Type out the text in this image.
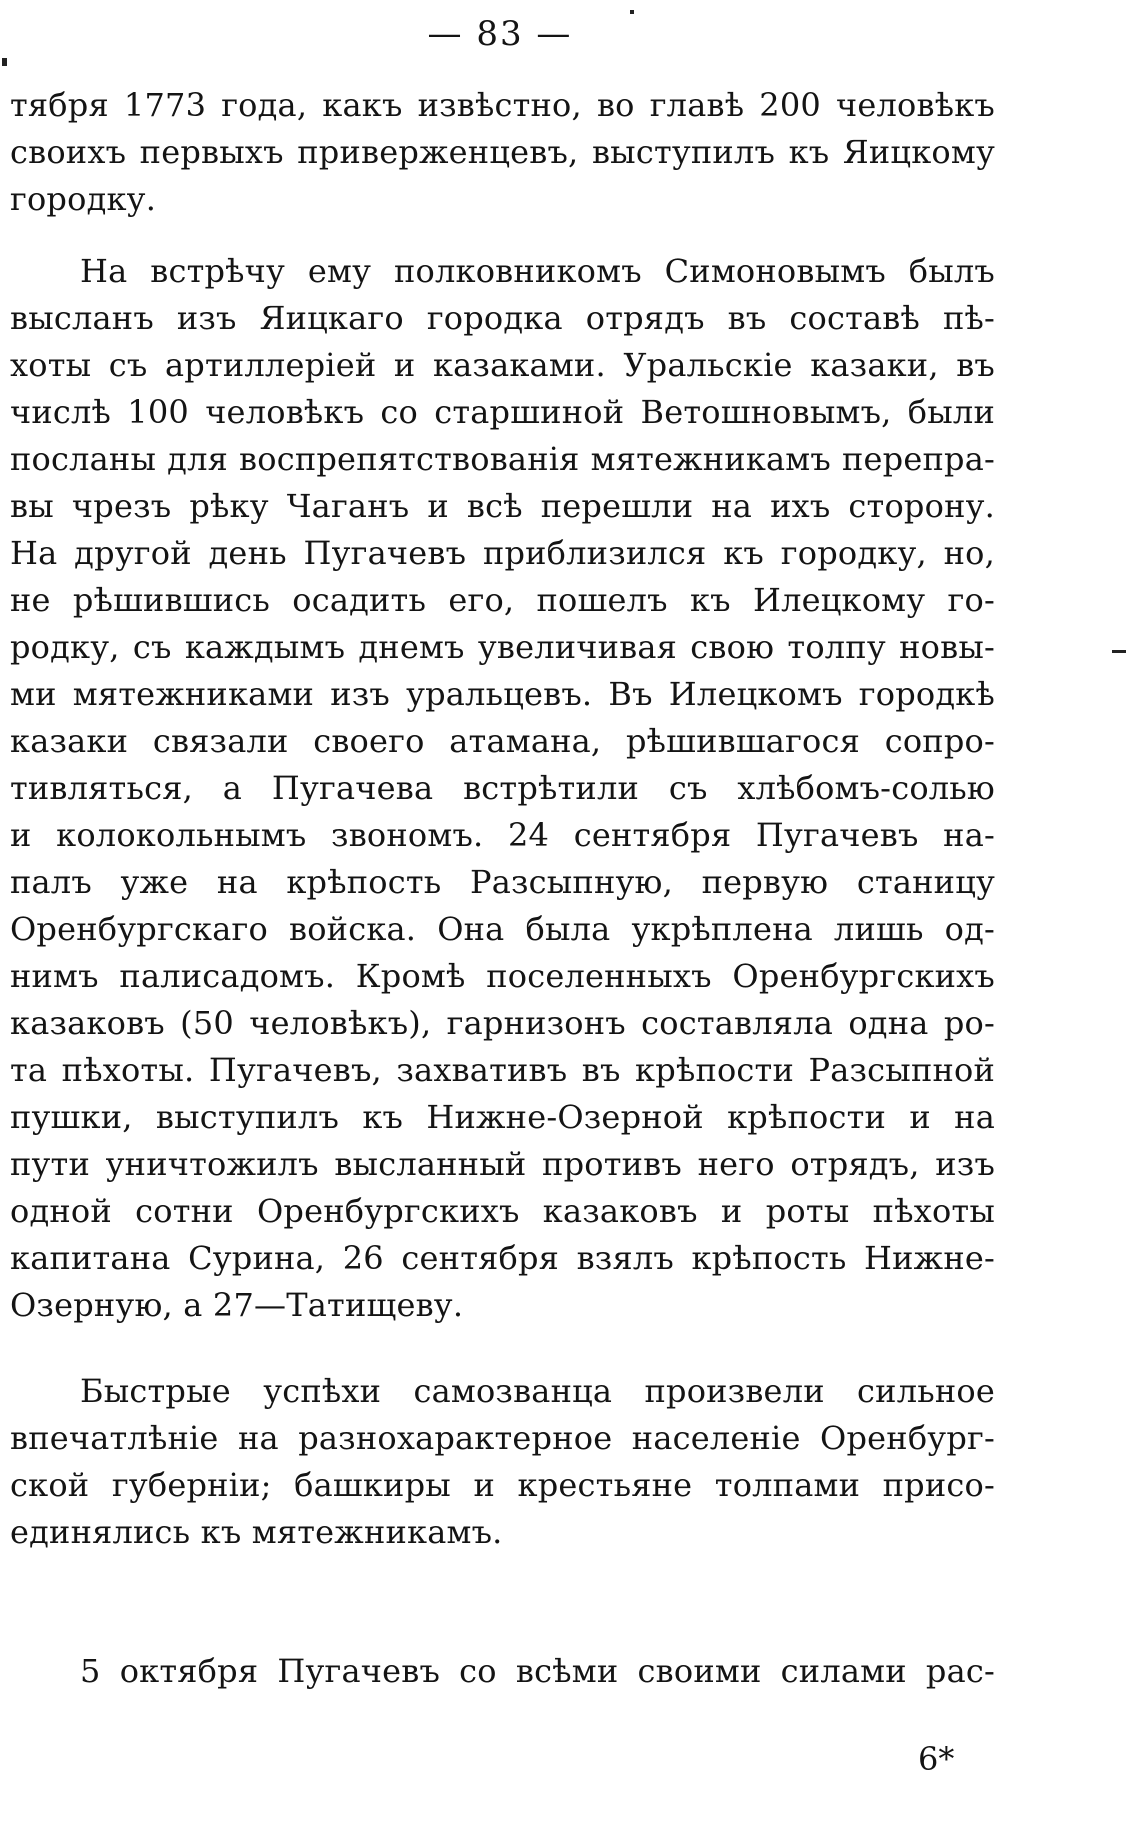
— 83 —
тября 1773 года, какъ извѣстно, во главѣ 200 человѣкъ
своихъ первыхъ приверженцевъ, выступилъ къ Яицкому
городку.
На встрѣчу ему полковникомъ Симоновымъ былъ
высланъ изъ Яицкаго городка отрядъ въ составѣ пѣ-
хоты съ артиллеріей и казаками. Уральскіе казаки, въ
числѣ 100 человѣкъ со старшиной Ветошновымъ, были
посланы для воспрепятствованія мятежникамъ перепра-
вы чрезъ рѣку Чаганъ и всѣ перешли на ихъ сторону.
На другой день Пугачевъ приблизился къ городку, но,
не рѣшившись осадить его, пошелъ къ Илецкому го-
родку, съ каждымъ днемъ увеличивая свою толпу новы-
ми мятежниками изъ уральцевъ. Въ Илецкомъ городкѣ
казаки связали своего атамана, рѣшившагося сопро-
тивляться, а Пугачева встрѣтили съ хлѣбомъ-солью
и колокольнымъ звономъ. 24 сентября Пугачевъ на-
палъ уже на крѣпость Разсыпную, первую станицу
Оренбургскаго войска. Она была укрѣплена лишь од-
нимъ палисадомъ. Кромѣ поселенныхъ Оренбургскихъ
казаковъ (50 человѣкъ), гарнизонъ составляла одна ро-
та пѣхоты. Пугачевъ, захвативъ въ крѣпости Разсыпной
пушки, выступилъ къ Нижне-Озерной крѣпости и на
пути уничтожилъ высланный противъ него отрядъ, изъ
одной сотни Оренбургскихъ казаковъ и роты пѣхоты
капитана Сурина, 26 сентября взялъ крѣпость Нижне-
Озерную, а 27—Татищеву.
Быстрые успѣхи самозванца произвели сильное
впечатлѣніе на разнохарактерное населеніе Оренбург-
ской губерніи; башкиры и крестьяне толпами присо-
единялись къ мятежникамъ.
5 октября Пугачевъ со всѣми своими силами рас-
6*
